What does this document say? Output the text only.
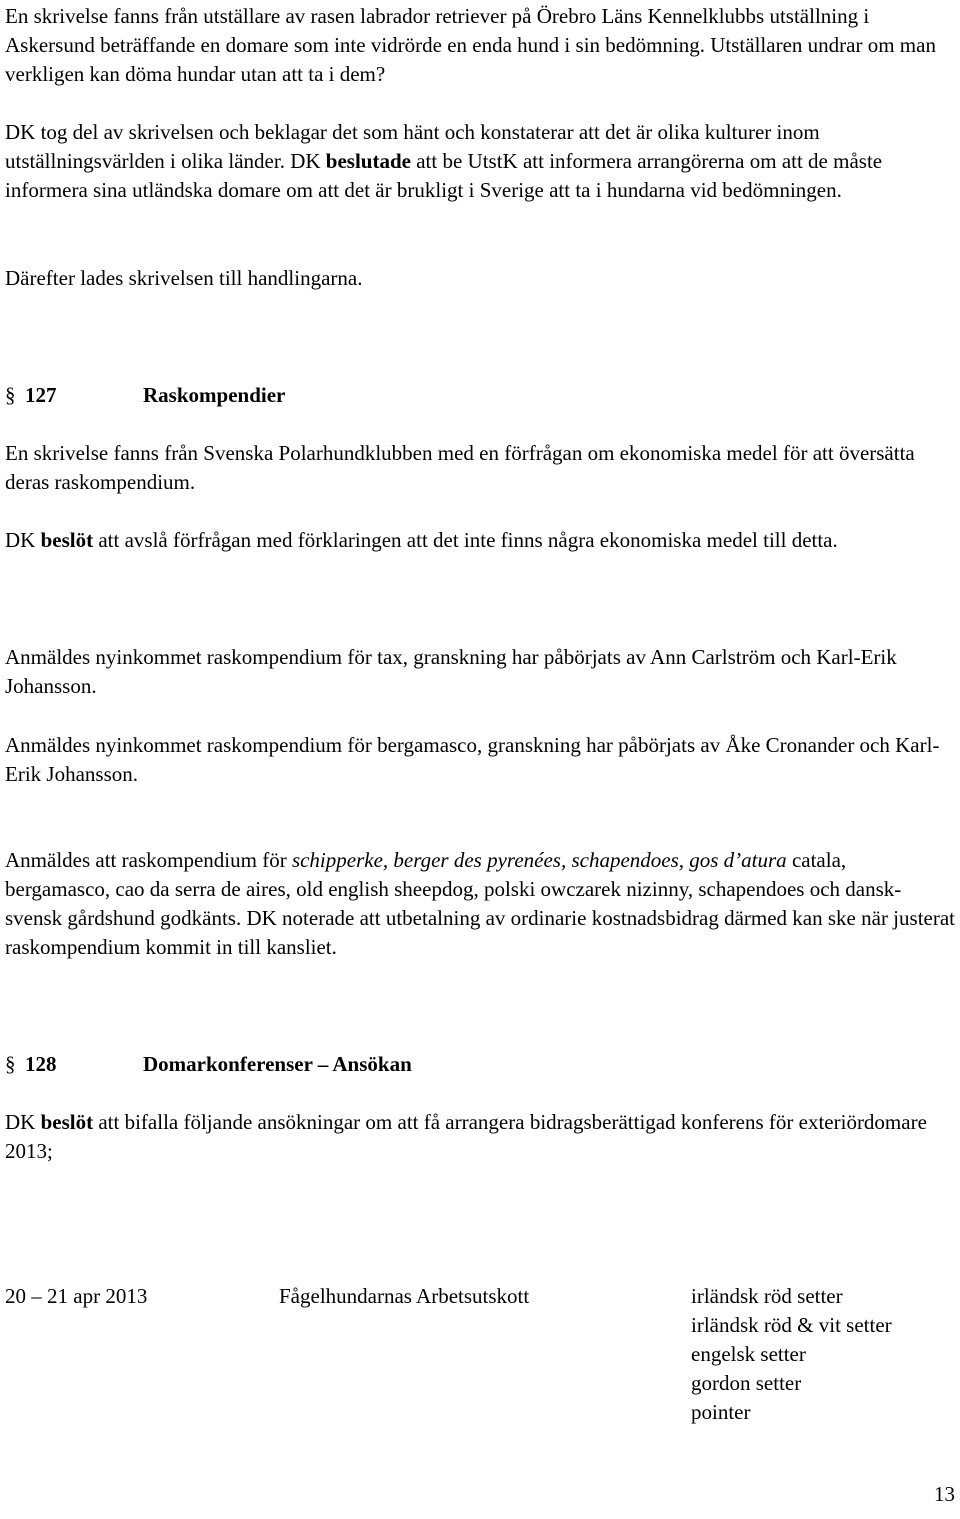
En skrivelse fanns från utställare av rasen labrador retriever på Örebro Läns Kennelklubbs utställning i Askersund beträffande en domare som inte vidrörde en enda hund i sin bedömning. Utställaren undrar om man verkligen kan döma hundar utan att ta i dem?

DK tog del av skrivelsen och beklagar det som hänt och konstaterar att det är olika kulturer inom utställningsvärlden i olika länder. DK beslutade att be UtstK att informera arrangörerna om att de måste informera sina utländska domare om att det är brukligt i Sverige att ta i hundarna vid bedömningen.

Därefter lades skrivelsen till handlingarna.

§ 127	Raskompendier

En skrivelse fanns från Svenska Polarhundklubben med en förfrågan om ekonomiska medel för att översätta deras raskompendium.

DK beslöt att avslå förfrågan med förklaringen att det inte finns några ekonomiska medel till detta.

Anmäldes nyinkommet raskompendium för tax, granskning har påbörjats av Ann Carlström och Karl-Erik Johansson.

Anmäldes nyinkommet raskompendium för bergamasco, granskning har påbörjats av Åke Cronander och Karl-Erik Johansson.

Anmäldes att raskompendium för schipperke, berger des pyrenées, schapendoes, gos d’atura catala, bergamasco, cao da serra de aires, old english sheepdog, polski owczarek nizinny, schapendoes och dansk-svensk gårdshund godkänts. DK noterade att utbetalning av ordinarie kostnadsbidrag därmed kan ske när justerat raskompendium kommit in till kansliet.

§ 128	Domarkonferenser – Ansökan

DK beslöt att bifalla följande ansökningar om att få arrangera bidragsberättigad konferens för exteriördomare 2013;

20 – 21 apr 2013	Fågelhundarnas Arbetsutskott	irländsk röd setter
irländsk röd & vit setter
engelsk setter
gordon setter
pointer
13
